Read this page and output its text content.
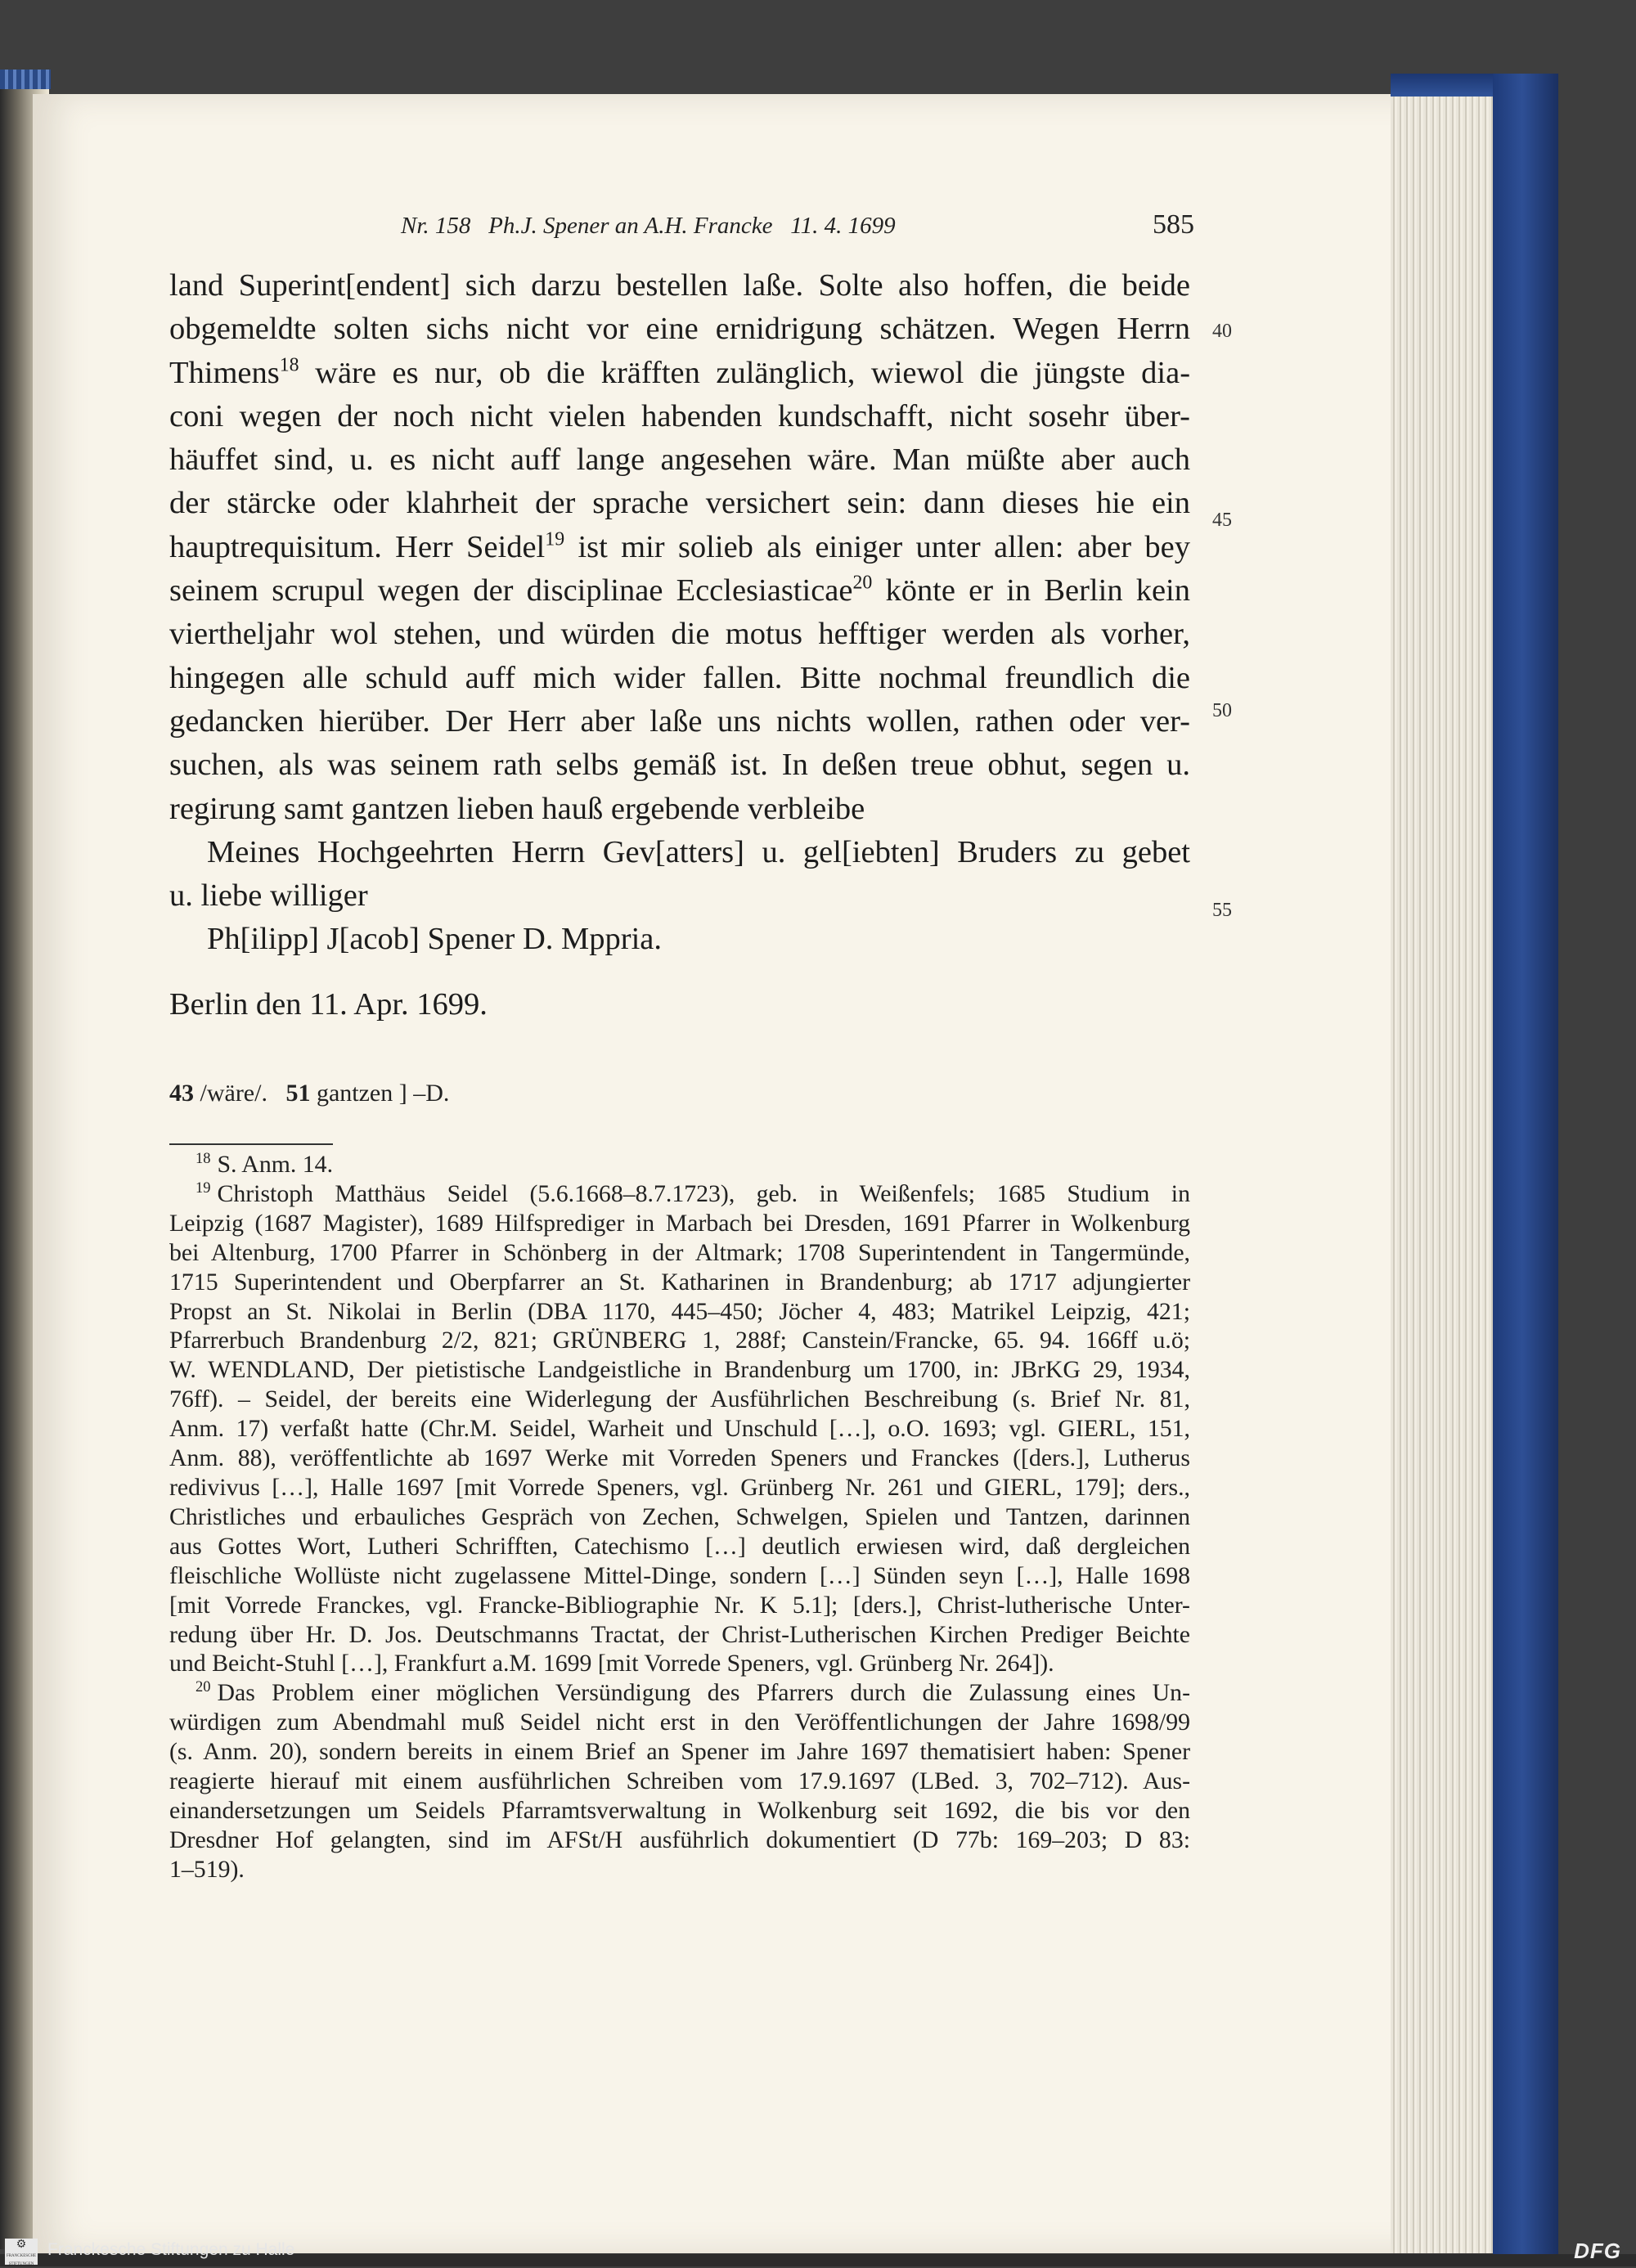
Nr. 158   Ph.J. Spener an A.H. Francke   11. 4. 1699	585
land Superint[endent] sich darzu bestellen laße. Solte also hoffen, die beide
obgemeldte solten sichs nicht vor eine ernidrigung schätzen. Wegen Herrn
Thimens$^{18}$ wäre es nur, ob die kräfften zulänglich, wiewol die jüngste dia-
coni wegen der noch nicht vielen habenden kundschafft, nicht sosehr über-
häuffet sind, u. es nicht auff lange angesehen wäre. Man müßte aber auch
der stärcke oder klahrheit der sprache versichert sein: dann dieses hie ein
hauptrequisitum. Herr Seidel$^{19}$ ist mir solieb als einiger unter allen: aber bey
seinem scrupul wegen der disciplinae Ecclesiasticae$^{20}$ könte er in Berlin kein
viertheljahr wol stehen, und würden die motus hefftiger werden als vorher,
hingegen alle schuld auff mich wider fallen. Bitte nochmal freundlich die
gedancken hierüber. Der Herr aber laße uns nichts wollen, rathen oder ver-
suchen, als was seinem rath selbs gemäß ist. In deßen treue obhut, segen u.
regirung samt gantzen lieben hauß ergebende verbleibe
Meines Hochgeehrten Herrn Gev[atters] u. gel[iebten] Bruders zu gebet
u. liebe williger
Ph[ilipp] J[acob] Spener D. Mppria.
Berlin den 11. Apr. 1699.
40
45
50
55
43 /wäre/. 51 gantzen ] –D.
$^{18}$ S. Anm. 14.
$^{19}$ Christoph Matthäus Seidel (5.6.1668–8.7.1723), geb. in Weißenfels; 1685 Studium in
Leipzig (1687 Magister), 1689 Hilfsprediger in Marbach bei Dresden, 1691 Pfarrer in Wolkenburg
bei Altenburg, 1700 Pfarrer in Schönberg in der Altmark; 1708 Superintendent in Tangermünde,
1715 Superintendent und Oberpfarrer an St. Katharinen in Brandenburg; ab 1717 adjungierter
Propst an St. Nikolai in Berlin (DBA 1170, 445–450; Jöcher 4, 483; Matrikel Leipzig, 421;
Pfarrerbuch Brandenburg 2/2, 821; GRÜNBERG 1, 288f; Canstein/Francke, 65. 94. 166ff u.ö;
W. WENDLAND, Der pietistische Landgeistliche in Brandenburg um 1700, in: JBrKG 29, 1934,
76ff). – Seidel, der bereits eine Widerlegung der Ausführlichen Beschreibung (s. Brief Nr. 81,
Anm. 17) verfaßt hatte (Chr.M. Seidel, Warheit und Unschuld […], o.O. 1693; vgl. GIERL, 151,
Anm. 88), veröffentlichte ab 1697 Werke mit Vorreden Speners und Franckes ([ders.], Lutherus
redivivus […], Halle 1697 [mit Vorrede Speners, vgl. Grünberg Nr. 261 und GIERL, 179]; ders.,
Christliches und erbauliches Gespräch von Zechen, Schwelgen, Spielen und Tantzen, darinnen
aus Gottes Wort, Lutheri Schrifften, Catechismo […] deutlich erwiesen wird, daß dergleichen
fleischliche Wollüste nicht zugelassene Mittel-Dinge, sondern […] Sünden seyn […], Halle 1698
[mit Vorrede Franckes, vgl. Francke-Bibliographie Nr. K 5.1]; [ders.], Christ-lutherische Unter-
redung über Hr. D. Jos. Deutschmanns Tractat, der Christ-Lutherischen Kirchen Prediger Beichte
und Beicht-Stuhl […], Frankfurt a.M. 1699 [mit Vorrede Speners, vgl. Grünberg Nr. 264]).
$^{20}$ Das Problem einer möglichen Versündigung des Pfarrers durch die Zulassung eines Un-
würdigen zum Abendmahl muß Seidel nicht erst in den Veröffentlichungen der Jahre 1698/99
(s. Anm. 20), sondern bereits in einem Brief an Spener im Jahre 1697 thematisiert haben: Spener
reagierte hierauf mit einem ausführlichen Schreiben vom 17.9.1697 (LBed. 3, 702–712). Aus-
einandersetzungen um Seidels Pfarramtsverwaltung in Wolkenburg seit 1692, die bis vor den
Dresdner Hof gelangten, sind im AFSt/H ausführlich dokumentiert (D 77b: 169–203; D 83:
1–519).
⚙
FRANCKESCHE STIFTUNGEN
Franckesche Stiftungen zu Halle	DFG
